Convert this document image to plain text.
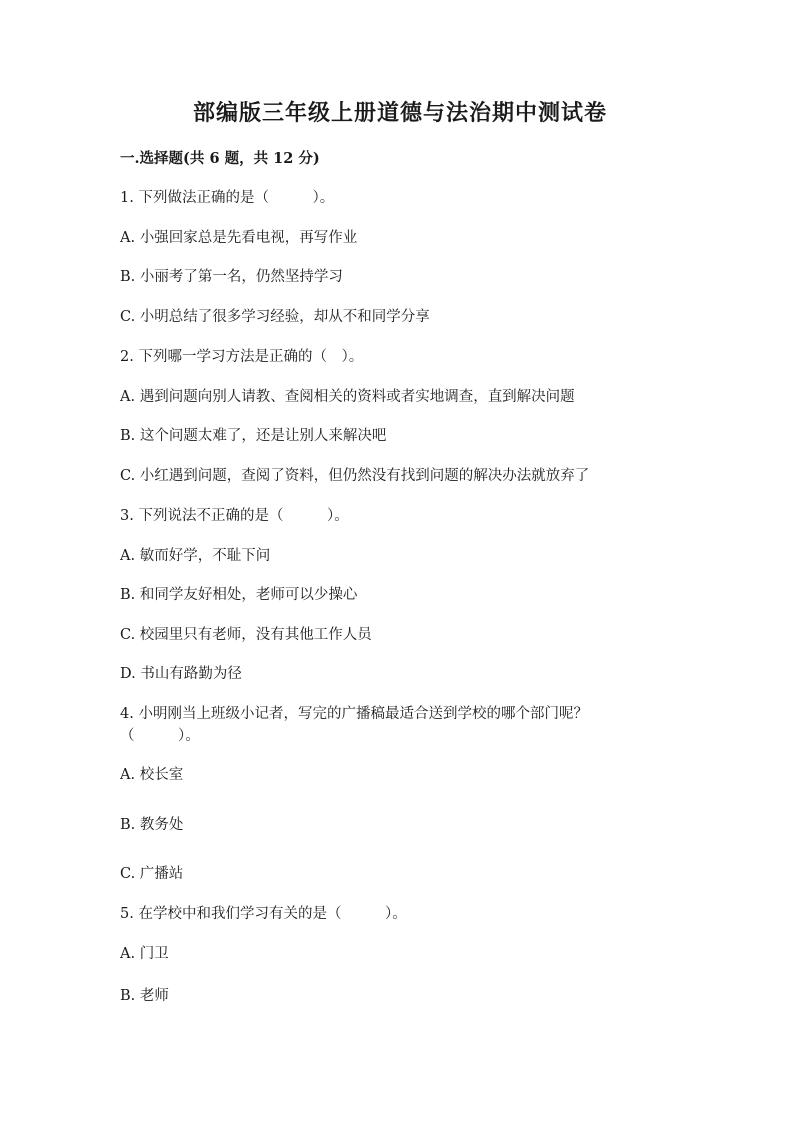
部编版三年级上册道德与法治期中测试卷
一.选择题(共 6 题，共 12 分)
1. 下列做法正确的是（　　　）。
A. 小强回家总是先看电视，再写作业
B. 小丽考了第一名，仍然坚持学习
C. 小明总结了很多学习经验，却从不和同学分享
2. 下列哪一学习方法是正确的（　）。
A. 遇到问题向别人请教、查阅相关的资料或者实地调查，直到解决问题
B. 这个问题太难了，还是让别人来解决吧
C. 小红遇到问题，查阅了资料，但仍然没有找到问题的解决办法就放弃了
3. 下列说法不正确的是（　　　）。
A. 敏而好学，不耻下问
B. 和同学友好相处，老师可以少操心
C. 校园里只有老师，没有其他工作人员
D. 书山有路勤为径
4. 小明刚当上班级小记者，写完的广播稿最适合送到学校的哪个部门呢？（　　　）。
A. 校长室
B. 教务处
C. 广播站
5. 在学校中和我们学习有关的是（　　　）。
A. 门卫
B. 老师
